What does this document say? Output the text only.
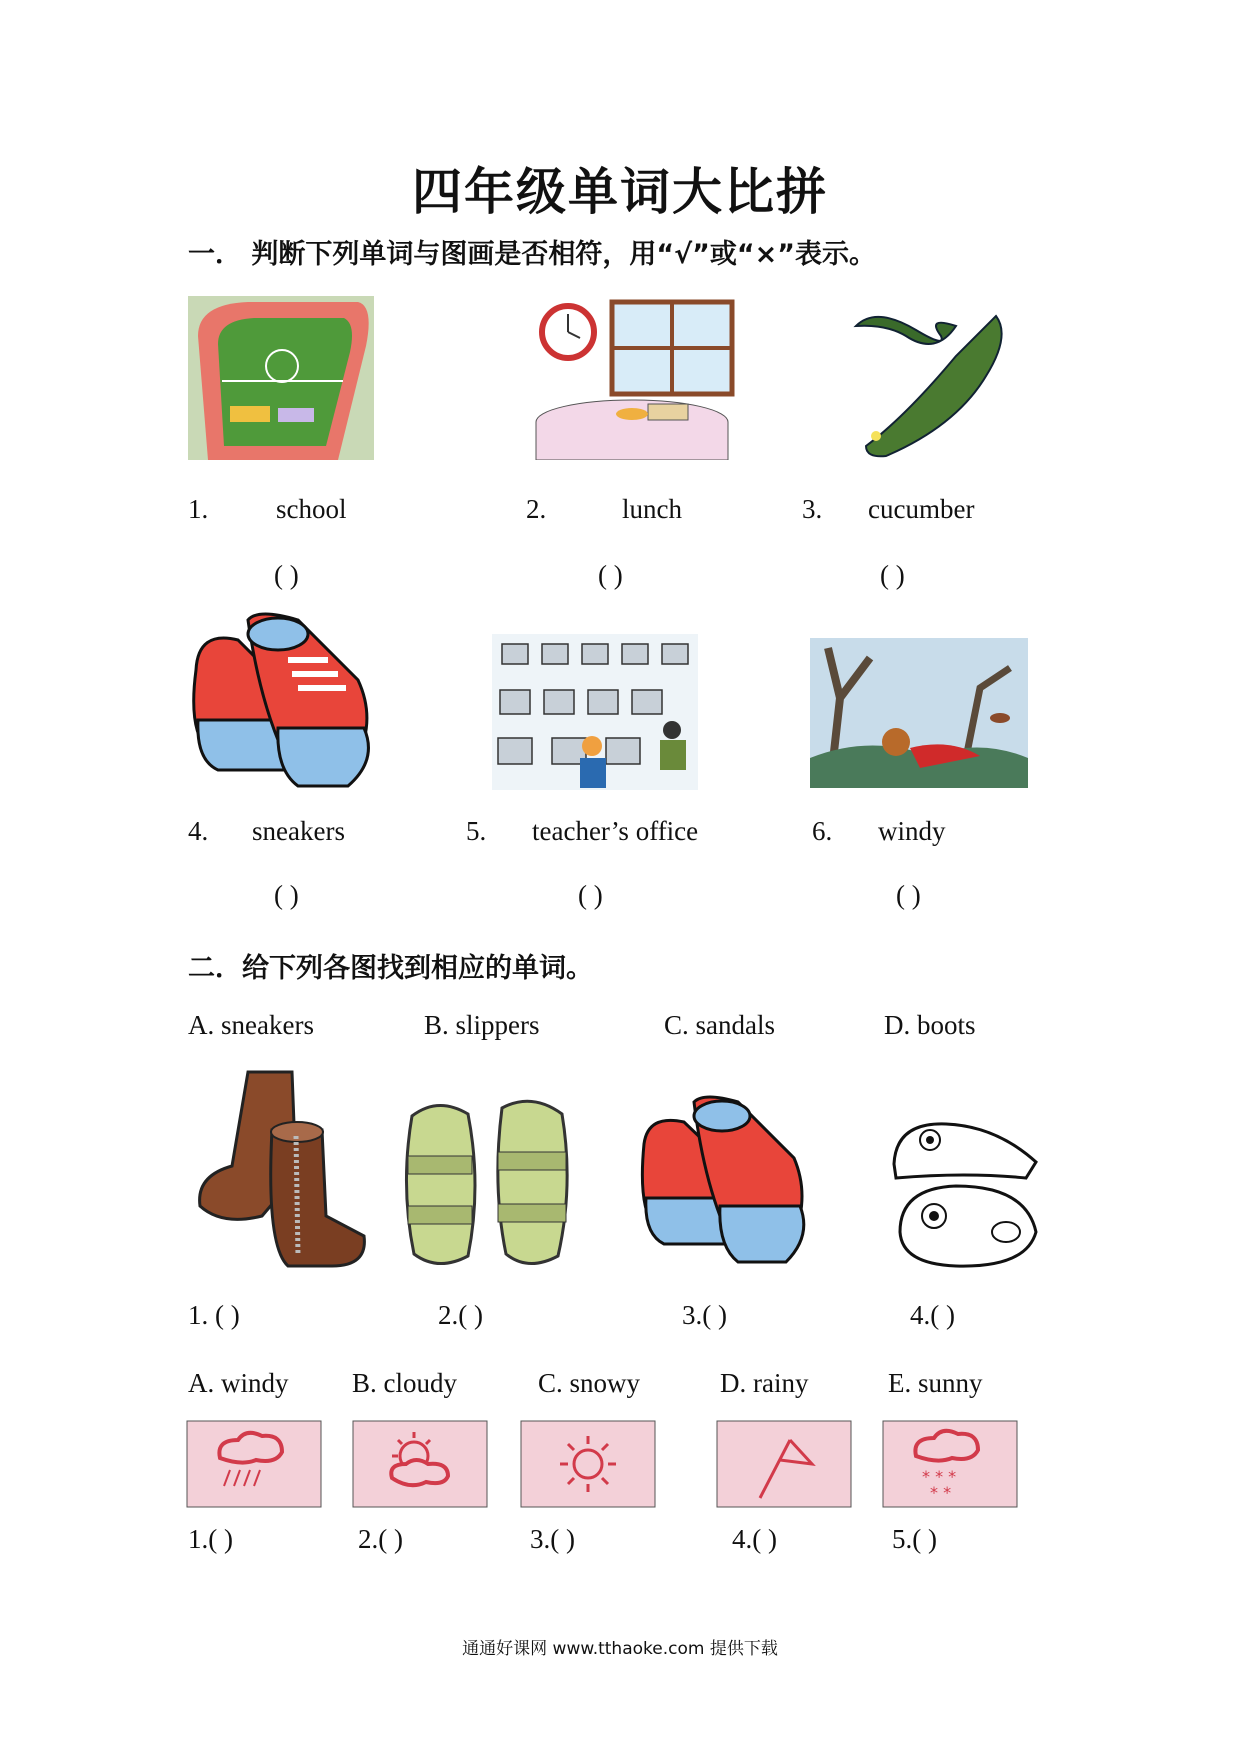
四年级单词大比拼
一． 判断下列单词与图画是否相符，用“√”或“×”表示。
1.	school	2.	lunch	3. cucumber
( )	( )	( )
4. sneakers	5. teacher’s office	6. windy
( )	( )	( )
二．给下列各图找到相应的单词。
A. sneakers	B. slippers	C. sandals	D. boots
1. ( )	2.( )	3.( )	4.( )
A. windy B. cloudy	C. snowy	D. rainy	E. sunny
* * *
* *
1.( )	2.( )	3.( )	4.( )	5.( )
通通好课网 www.tthaoke.com 提供下载
